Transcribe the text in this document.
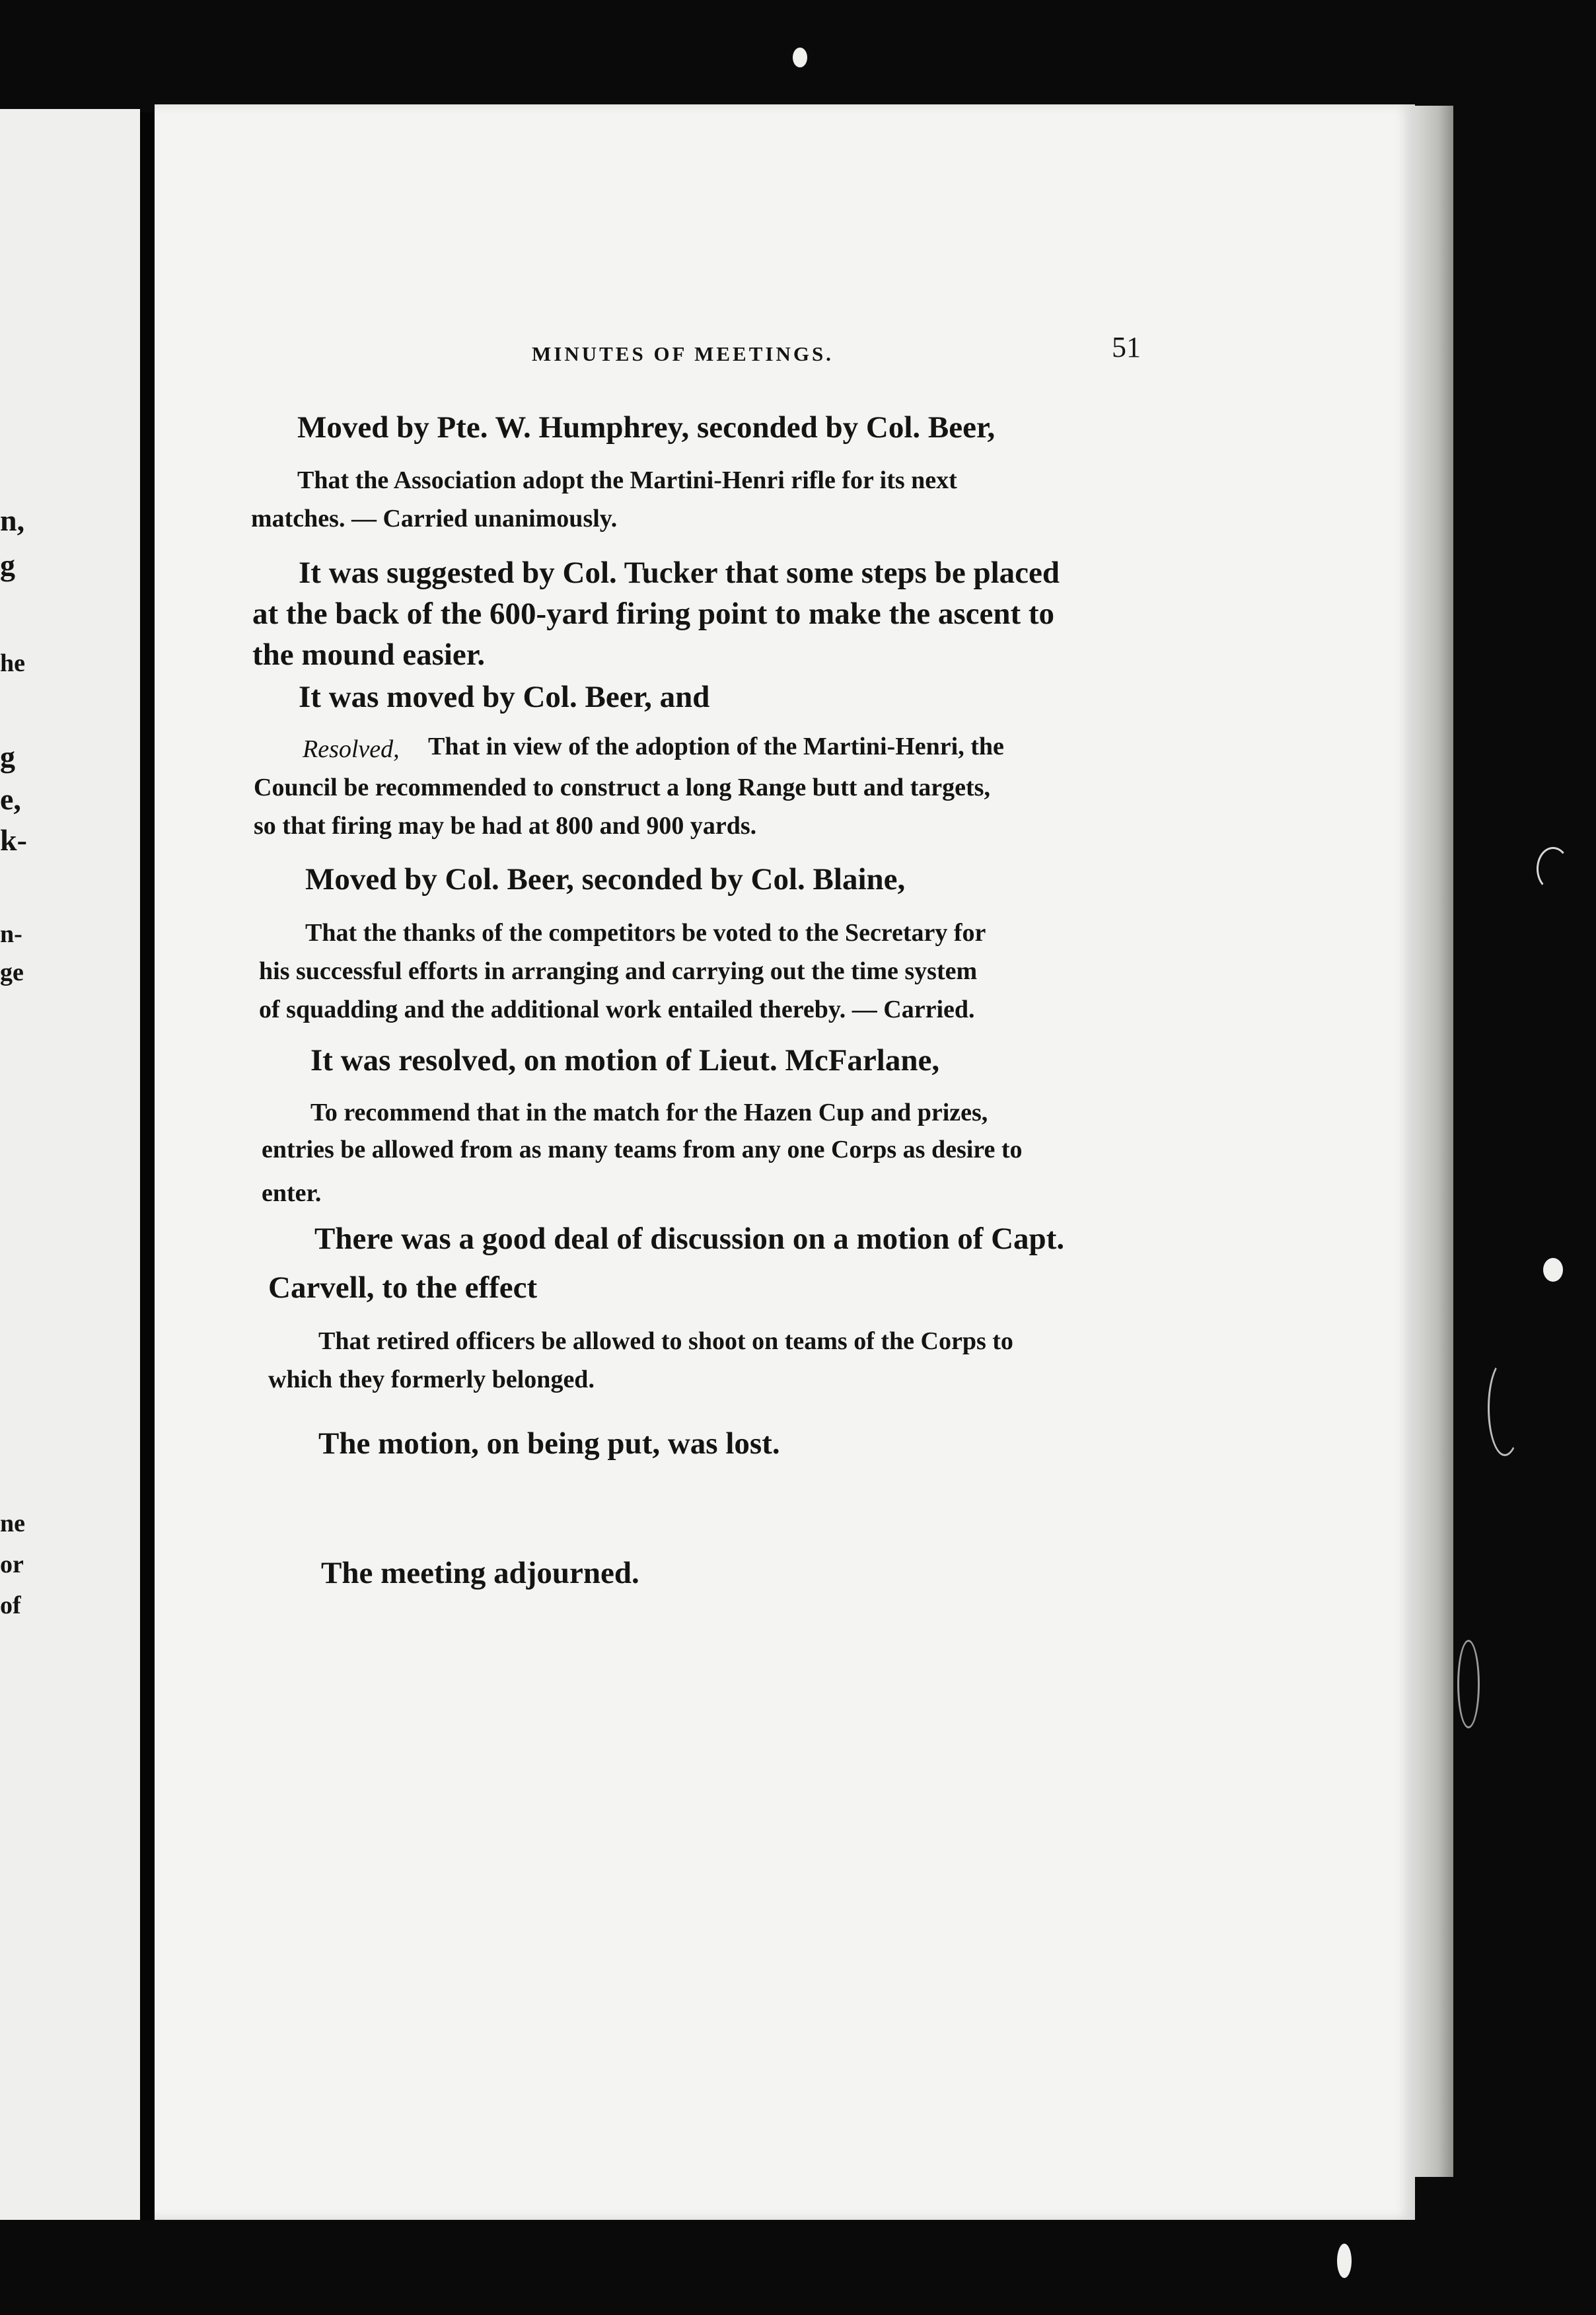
n,
g
he
g
e,
k-
n-
ge
ne
or
of
MINUTES OF MEETINGS.	51
Moved by Pte. W. Humphrey, seconded by Col. Beer,
That the Association adopt the Martini-Henri rifle for its next
matches. — Carried unanimously.
It was suggested by Col. Tucker that some steps be placed
at the back of the 600-yard firing point to make the ascent to
the mound easier.
It was moved by Col. Beer, and
Resolved, That in view of the adoption of the Martini-Henri, the
Council be recommended to construct a long Range butt and targets,
so that firing may be had at 800 and 900 yards.
Moved by Col. Beer, seconded by Col. Blaine,
That the thanks of the competitors be voted to the Secretary for
his successful efforts in arranging and carrying out the time system
of squadding and the additional work entailed thereby. — Carried.
It was resolved, on motion of Lieut. McFarlane,
To recommend that in the match for the Hazen Cup and prizes,
entries be allowed from as many teams from any one Corps as desire to
enter.
There was a good deal of discussion on a motion of Capt.
Carvell, to the effect
That retired officers be allowed to shoot on teams of the Corps to
which they formerly belonged.
The motion, on being put, was lost.
The meeting adjourned.
